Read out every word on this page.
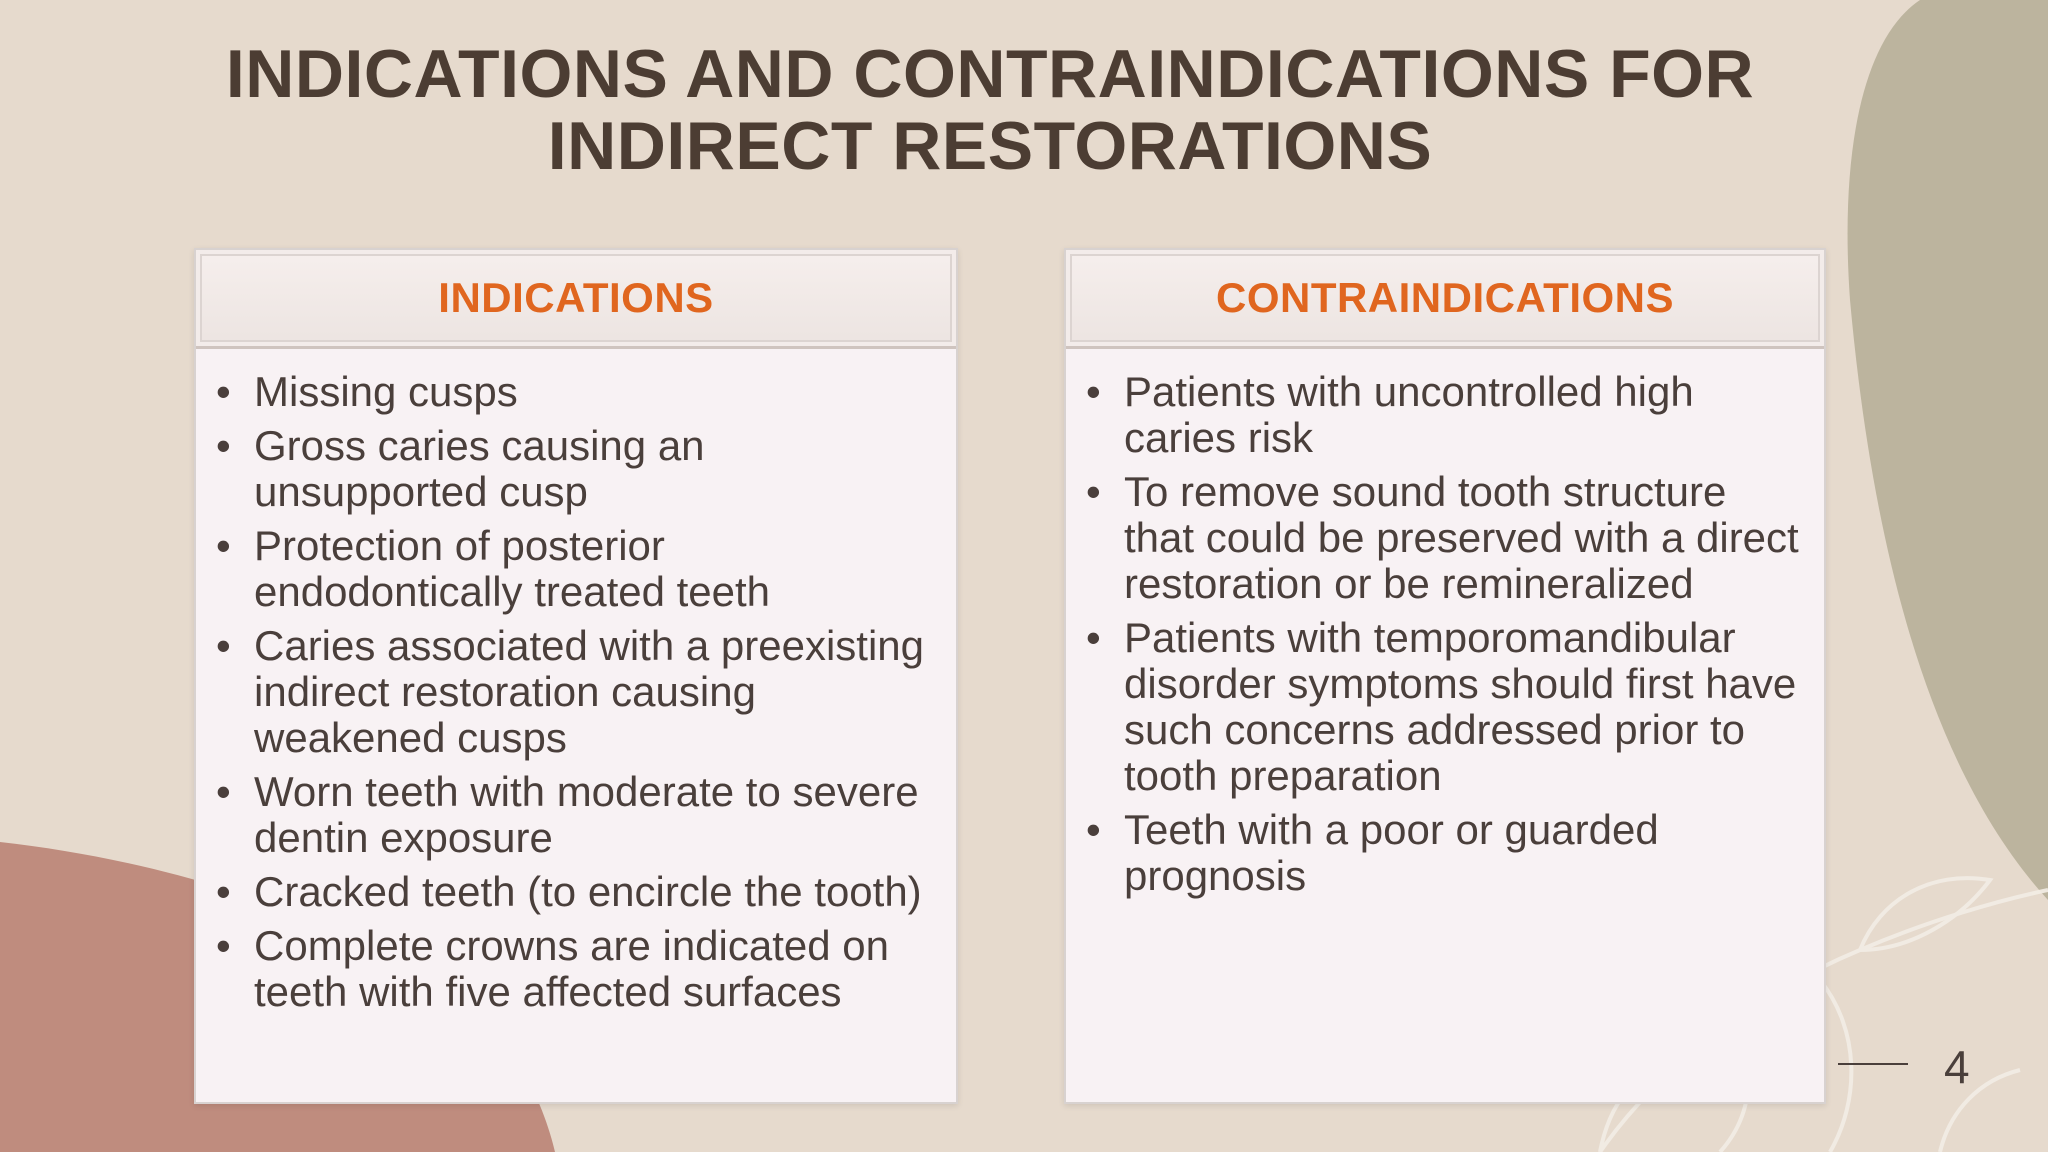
INDICATIONS AND CONTRAINDICATIONS FOR
INDIRECT RESTORATIONS
INDICATIONS
• Missing cusps
• Gross caries causing an unsupported cusp
• Protection of posterior endodontically treated teeth
• Caries associated with a preexisting indirect restoration causing weakened cusps
• Worn teeth with moderate to severe dentin exposure
• Cracked teeth (to encircle the tooth)
• Complete crowns are indicated on teeth with five affected surfaces
CONTRAINDICATIONS
• Patients with uncontrolled high caries risk
• To remove sound tooth structure that could be preserved with a direct restoration or be remineralized
• Patients with temporomandibular disorder symptoms should first have such concerns addressed prior to tooth preparation
• Teeth with a poor or guarded prognosis
4
